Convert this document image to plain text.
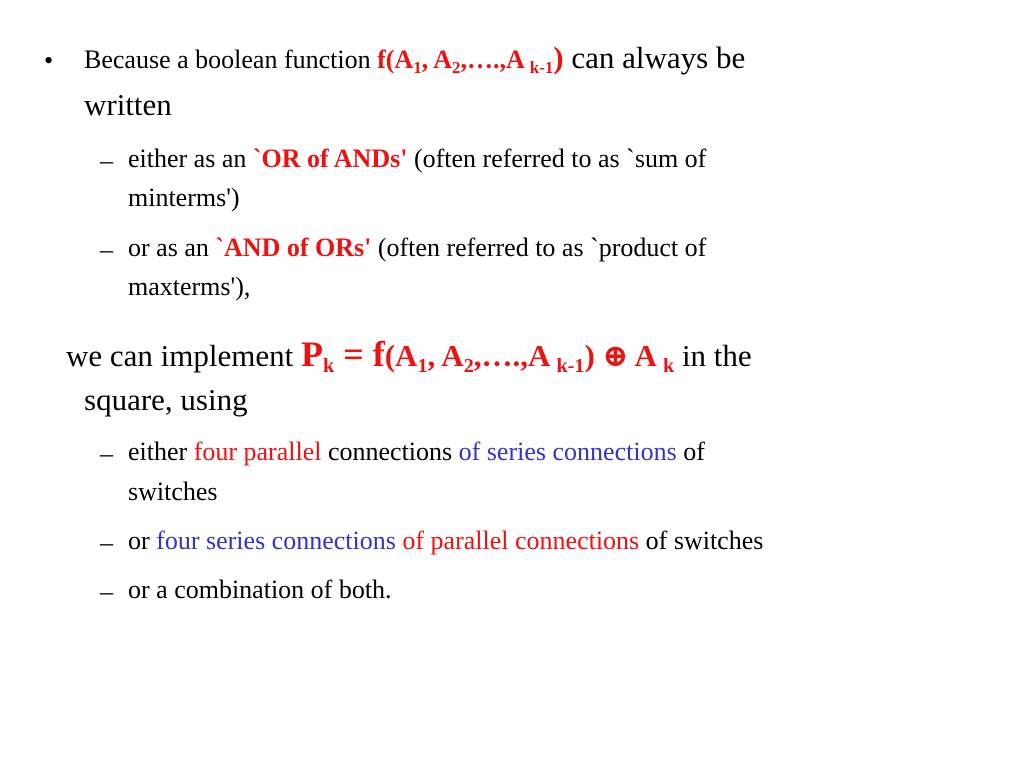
• Because a boolean function $f(A_1$, $A_2,\dots.,A$ $_{k-1}$) can always be
written
– either as an `OR of ANDs' (often referred to as `sum of
minterms')
– or as an `AND of ORs' (often referred to as `product of
maxterms'),
we can implement $P_k = f(A_1$, $A_2,\dots.,A$ $_{k-1}$) ⊕ A $_k$ in the
square, using
– either four parallel connections of series connections of
switches
– or four series connections of parallel connections of switches
– or a combination of both.
